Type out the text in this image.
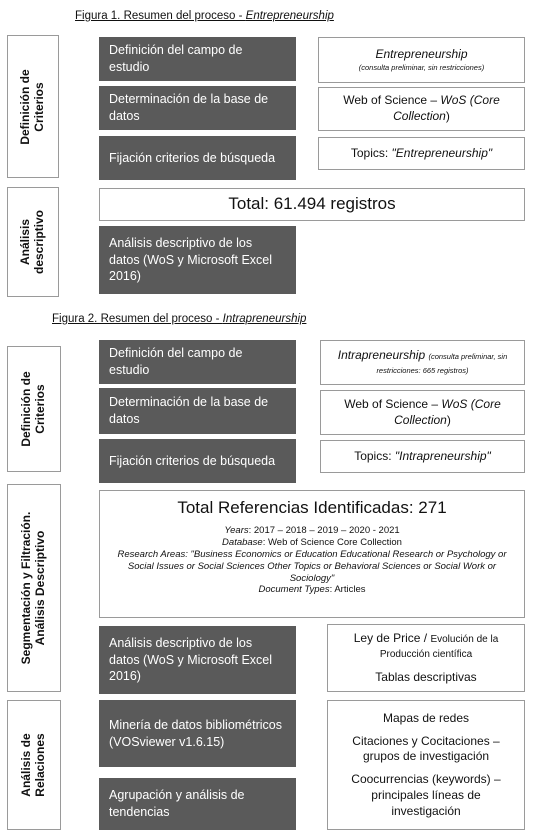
Figura 1. Resumen del proceso - Entrepreneurship
Definición de
Criterios
Análisis
descriptivo
Definición del campo de estudio
Determinación de la base de datos
Fijación criterios de búsqueda
Análisis descriptivo de los datos (WoS y Microsoft Excel 2016)
Entrepreneurship
(consulta preliminar, sin restricciones)
Web of Science – WoS (Core Collection)
Topics: "Entrepreneurship"
Total: 61.494 registros
Figura 2. Resumen del proceso - Intrapreneurship
Definición de
Criterios
Segmentación y Filtración.
Análisis Descriptivo
Análisis de
Relaciones
Definición del campo de estudio
Determinación de la base de datos
Fijación criterios de búsqueda
Intrapreneurship (consulta preliminar, sin restricciones: 665 registros)
Web of Science – WoS (Core Collection)
Topics: "Intrapreneurship"
Total Referencias Identificadas: 271
Years: 2017 – 2018 – 2019 – 2020 - 2021
Database: Web of Science Core Collection
Research Areas: "Business Economics or Education Educational Research or Psychology or Social Issues or Social Sciences Other Topics or Behavioral Sciences or Social Work or Sociology"
Document Types: Articles
Análisis descriptivo de los datos (WoS y Microsoft Excel 2016)
Ley de Price / Evolución de la Producción científica
Tablas descriptivas
Minería de datos bibliométricos (VOSviewer v1.6.15)
Agrupación y análisis de tendencias
Mapas de redes
Citaciones y Cocitaciones – grupos de investigación
Coocurrencias (keywords) – principales líneas de investigación
